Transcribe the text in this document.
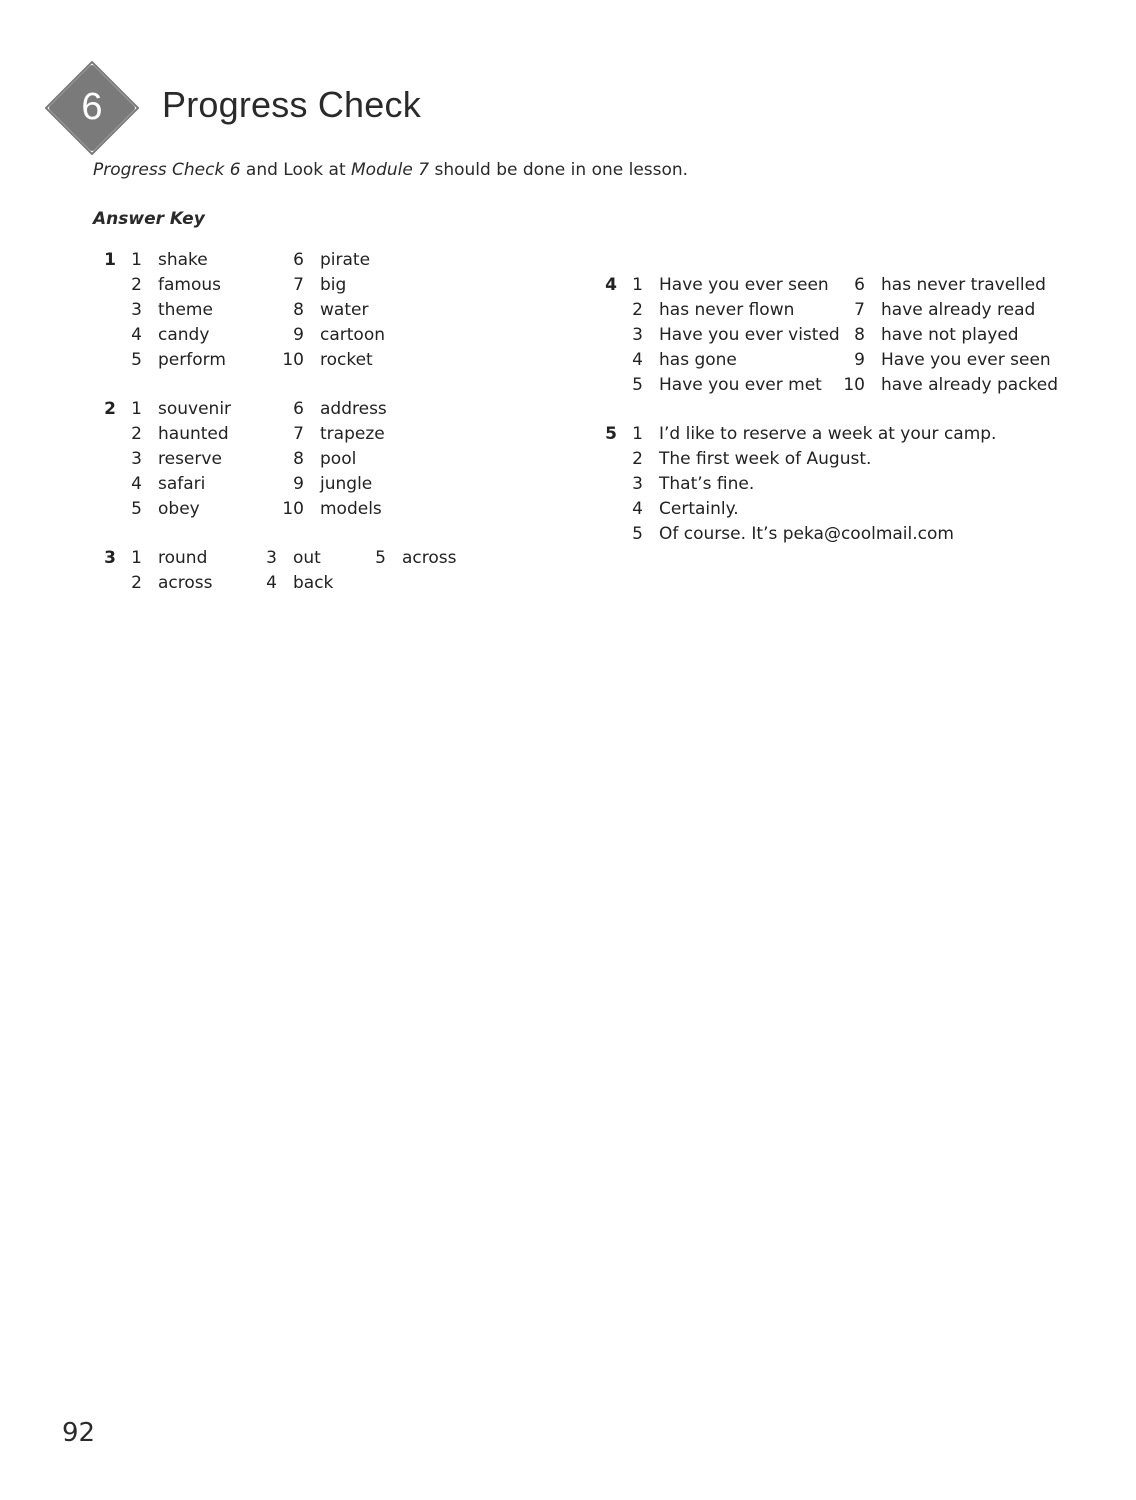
6	Progress Check
Progress Check 6 and Look at Module 7 should be done in one lesson.
Answer Key
1 1 shake
2 famous
3 theme
4 candy
5 perform
6 pirate
7 big
8 water
9 cartoon
10 rocket
2 1 souvenir
2 haunted
3 reserve
4 safari
5 obey
6 address
7 trapeze
8 pool
9 jungle
10 models
3 1 round
2 across
3 out
4 back
5 across
4 1 Have you ever seen
2 has never flown
3 Have you ever visted
4 has gone
5 Have you ever met
6 has never travelled
7 have already read
8 have not played
9 Have you ever seen
10 have already packed
5 1 I’d like to reserve a week at your camp.
2 The first week of August.
3 That’s fine.
4 Certainly.
5 Of course. It’s peka@coolmail.com
92
